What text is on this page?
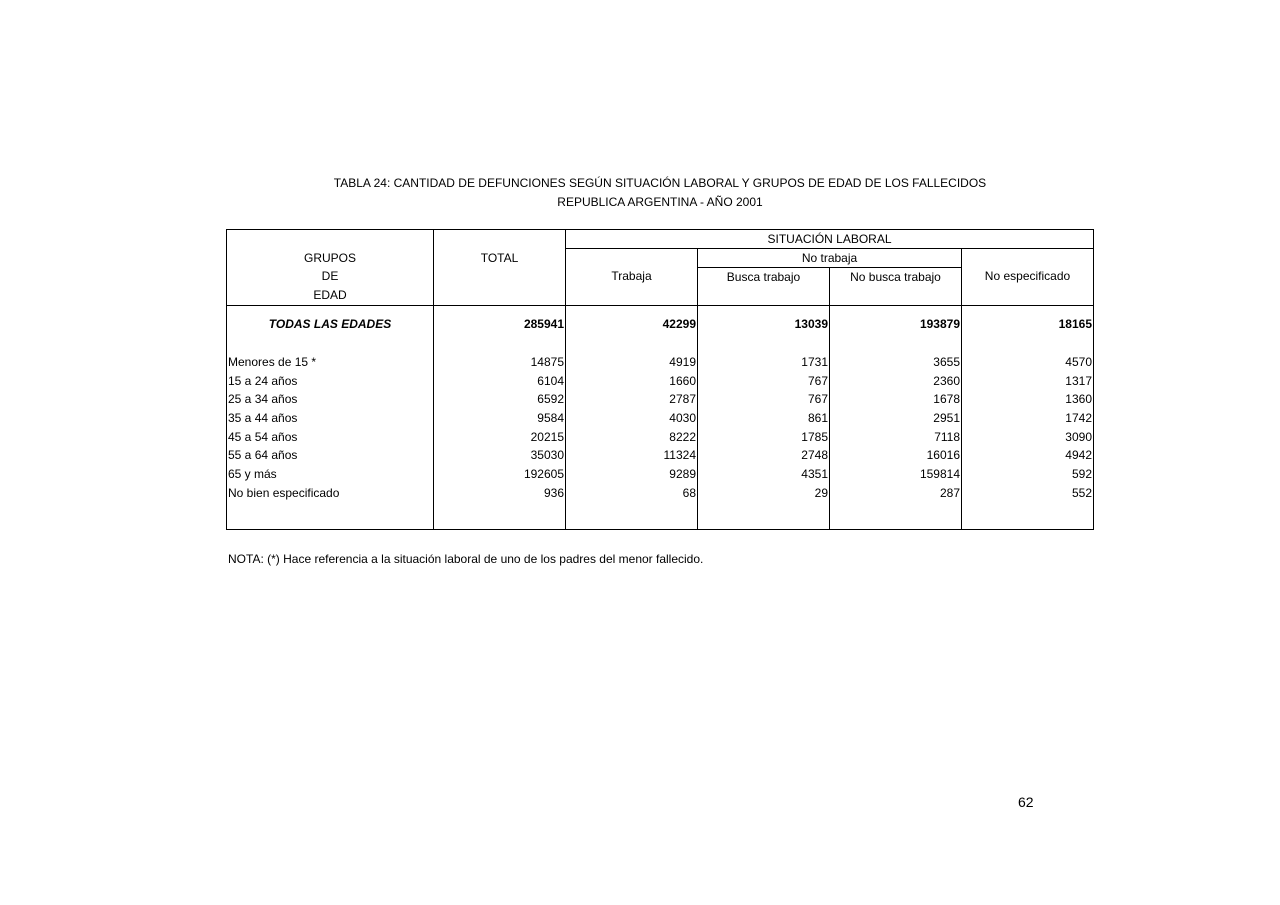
TABLA 24: CANTIDAD DE DEFUNCIONES SEGÚN SITUACIÓN LABORAL Y GRUPOS DE EDAD DE LOS FALLECIDOS
REPUBLICA ARGENTINA - AÑO 2001
		SITUACIÓN LABORAL			
GRUPOS	TOTAL		No trabaja		
DE		Trabaja	Busca trabajo	No busca trabajo	No especificado
EDAD					
TODAS LAS EDADES	285941	42299	13039	193879	18165

Menores de 15 *	14875	4919	1731	3655	4570
15 a 24 años	6104	1660	767	2360	1317
25 a 34 años	6592	2787	767	1678	1360
35 a 44 años	9584	4030	861	2951	1742
45 a 54 años	20215	8222	1785	7118	3090
55 a 64 años	35030	11324	2748	16016	4942
65 y más	192605	9289	4351	159814	592
No bien especificado	936	68	29	287	552

NOTA: (*) Hace referencia a la situación laboral de uno de los padres del menor fallecido.
62
